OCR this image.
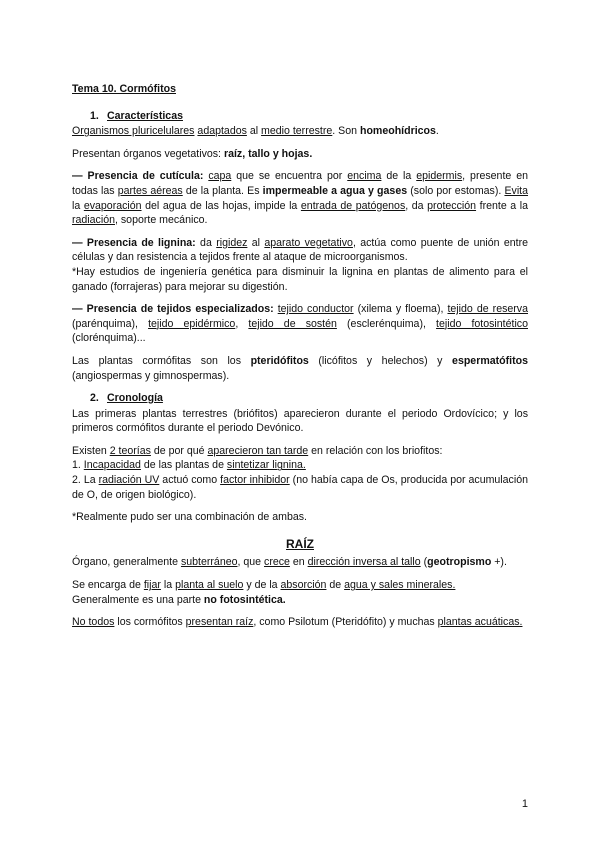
Tema 10. Cormófitos

1. Características

Organismos pluricelulares adaptados al medio terrestre. Son homeohídricos.

Presentan órganos vegetativos: raíz, tallo y hojas.

— Presencia de cutícula: capa que se encuentra por encima de la epidermis, presente en todas las partes aéreas de la planta. Es impermeable a agua y gases (solo por estomas). Evita la evaporación del agua de las hojas, impide la entrada de patógenos, da protección frente a la radiación, soporte mecánico.

— Presencia de lignina: da rigidez al aparato vegetativo, actúa como puente de unión entre células y dan resistencia a tejidos frente al ataque de microorganismos.

*Hay estudios de ingeniería genética para disminuir la lignina en plantas de alimento para el ganado (forrajeras) para mejorar su digestión.

— Presencia de tejidos especializados: tejido conductor (xilema y floema), tejido de reserva (parénquima), tejido epidérmico, tejido de sostén (esclerénquima), tejido fotosintético (clorénquima)...

Las plantas cormófitas son los pteridófitos (licófitos y helechos) y espermatófitos (angiospermas y gimnospermas).

2. Cronología

Las primeras plantas terrestres (briófitos) aparecieron durante el periodo Ordovícico; y los primeros cormófitos durante el periodo Devónico.

Existen 2 teorías de por qué aparecieron tan tarde en relación con los briofitos:

1. Incapacidad de las plantas de sintetizar lignina.

2. La radiación UV actuó como factor inhibidor (no había capa de Os, producida por acumulación de O, de origen biológico).

*Realmente pudo ser una combinación de ambas.

RAÍZ

Órgano, generalmente subterráneo, que crece en dirección inversa al tallo (geotropismo +).

Se encarga de fijar la planta al suelo y de la absorción de agua y sales minerales.

Generalmente es una parte no fotosintética.

No todos los cormófitos presentan raíz, como Psilotum (Pteridófito) y muchas plantas acuáticas.

1
